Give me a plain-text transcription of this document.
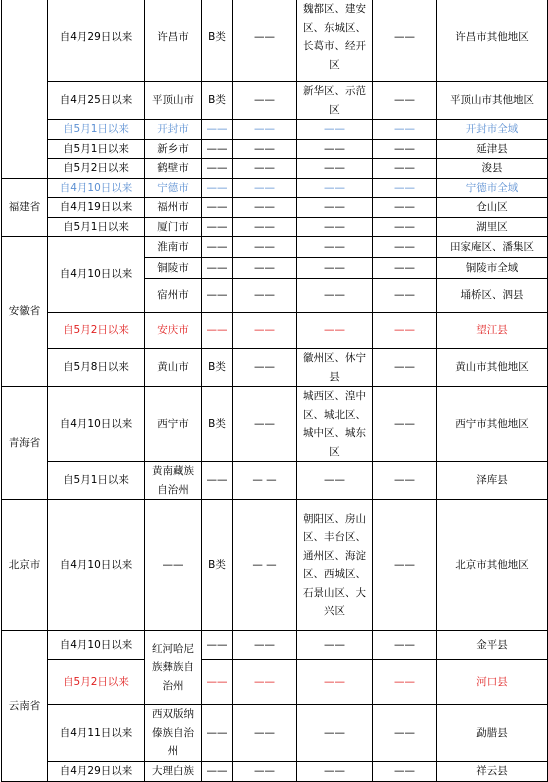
	自4月29日以来	许昌市	B类	——	魏都区、建安区、东城区、长葛市、经开区	——	许昌市其他地区
	自4月25日以来	平顶山市	B类	——	新华区、示范区	——	平顶山市其他地区
	自5月1日以来	开封市	——	——	——	——	开封市全域
	自5月1日以来	新乡市	——	——	——	——	延津县
	自5月2日以来	鹤壁市	——	——	——	——	浚县
福建省	自4月10日以来	宁德市	——	——	——	——	宁德市全域
	自4月19日以来	福州市	——	——	——	——	仓山区
	自5月1日以来	厦门市	——	——	——	——	湖里区
安徽省	自4月10日以来	淮南市	——	——	——	——	田家庵区、潘集区
		铜陵市	——	——	——	——	铜陵市全域
		宿州市	——	——	——	——	埇桥区、泗县
	自5月2日以来	安庆市	——	——	——	——	望江县
	自5月8日以来	黄山市	B类	——	徽州区、休宁县	——	黄山市其他地区
青海省	自4月10日以来	西宁市	B类	——	城西区、湟中区、城北区、城中区、城东区	——	西宁市其他地区
	自5月1日以来	黄南藏族自治州	——	— —	——	——	泽库县
北京市	自4月10日以来	——	B类	— —	朝阳区、房山区、丰台区、通州区、海淀区、西城区、石景山区、大兴区	——	北京市其他地区
云南省	自4月10日以来	红河哈尼族彝族自治州	——	——	——	——	金平县
	自5月2日以来		——	——	——	——	河口县
	自4月11日以来	西双版纳傣族自治州	——	——	——	——	勐腊县
	自4月29日以来	大理白族	——	——	——	——	祥云县
